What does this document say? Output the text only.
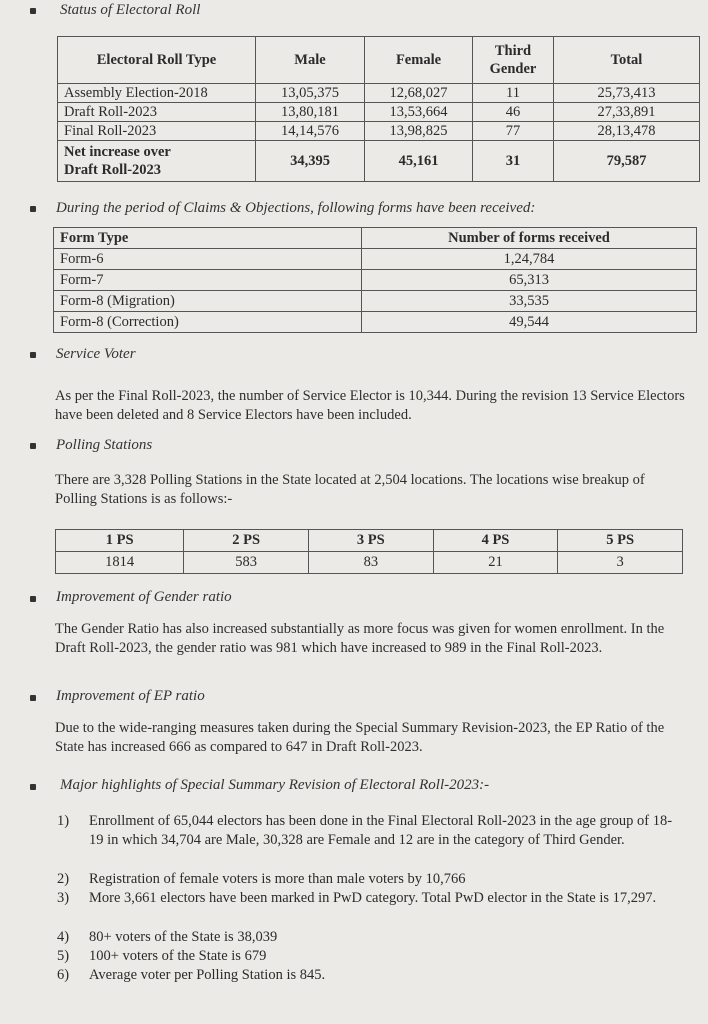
Status of Electoral Roll
Electoral Roll Type	Male	Female	Third Gender	Total
Assembly Election-2018	13,05,375	12,68,027	11	25,73,413
Draft Roll-2023	13,80,181	13,53,664	46	27,33,891
Final Roll-2023	14,14,576	13,98,825	77	28,13,478

Net increase over
Draft Roll-2023	34,395	45,161	31	79,587
During the period of Claims & Objections, following forms have been received:
Form Type	Number of forms received
Form-6	1,24,784
Form-7	65,313
Form-8 (Migration)	33,535
Form-8 (Correction)	49,544
Service Voter
As per the Final Roll-2023, the number of Service Elector is 10,344. During the revision 13 Service Electors have been deleted and 8 Service Electors have been included.
Polling Stations
There are 3,328 Polling Stations in the State located at 2,504 locations. The locations wise breakup of Polling Stations is as follows:-
1 PS	2 PS	3 PS	4 PS	5 PS
1814	583	83	21	3
Improvement of Gender ratio
The Gender Ratio has also increased substantially as more focus was given for women enrollment. In the Draft Roll-2023, the gender ratio was 981 which have increased to 989 in the Final Roll-2023.
Improvement of EP ratio
Due to the wide-ranging measures taken during the Special Summary Revision-2023, the EP Ratio of the State has increased 666 as compared to 647 in Draft Roll-2023.
Major highlights of Special Summary Revision of Electoral Roll-2023:-
1) Enrollment of 65,044 electors has been done in the Final Electoral Roll-2023 in the age group of 18-19 in which 34,704 are Male, 30,328 are Female and 12 are in the category of Third Gender.
2) Registration of female voters is more than male voters by 10,766
3) More 3,661 electors have been marked in PwD category. Total PwD elector in the State is 17,297.
4) 80+ voters of the State is 38,039
5) 100+ voters of the State is 679
6) Average voter per Polling Station is 845.
